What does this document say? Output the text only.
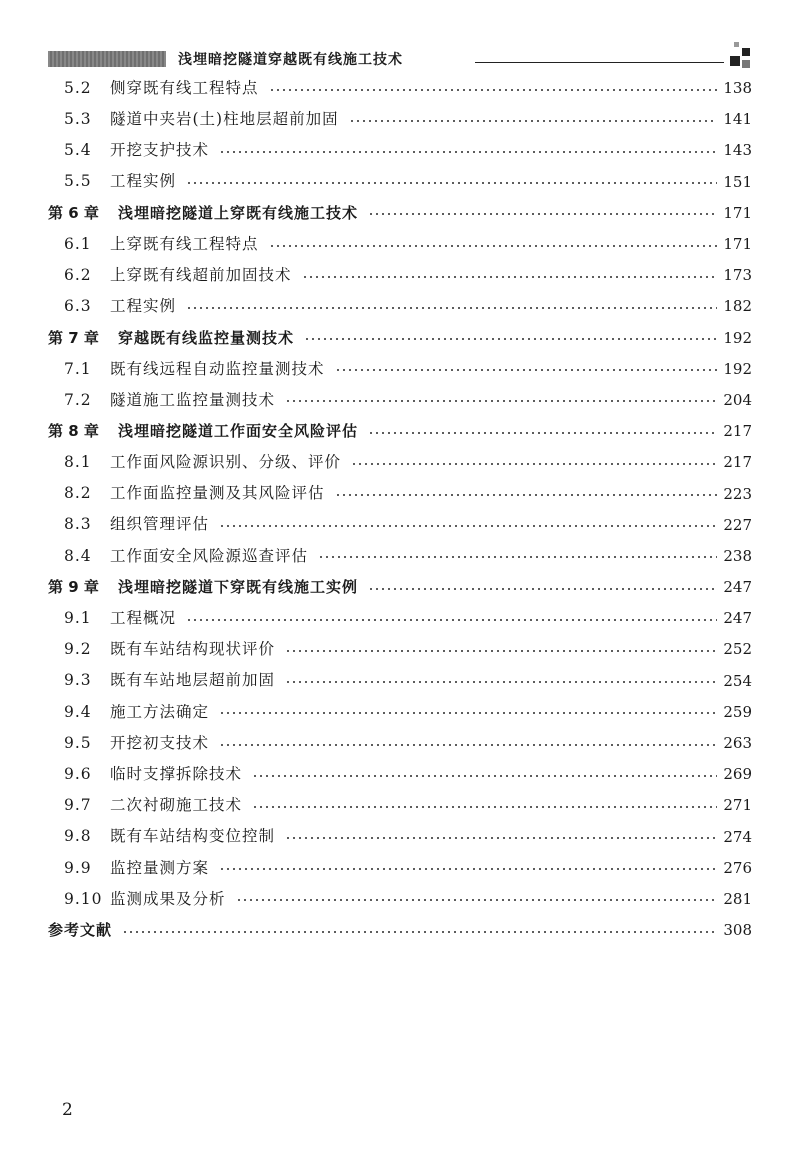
浅埋暗挖隧道穿越既有线施工技术
5.2	侧穿既有线工程特点	138
5.3	隧道中夹岩(土)柱地层超前加固	141
5.4	开挖支护技术	143
5.5	工程实例	151
第 6 章	浅埋暗挖隧道上穿既有线施工技术	171
6.1	上穿既有线工程特点	171
6.2	上穿既有线超前加固技术	173
6.3	工程实例	182
第 7 章	穿越既有线监控量测技术	192
7.1	既有线远程自动监控量测技术	192
7.2	隧道施工监控量测技术	204
第 8 章	浅埋暗挖隧道工作面安全风险评估	217
8.1	工作面风险源识别、分级、评价	217
8.2	工作面监控量测及其风险评估	223
8.3	组织管理评估	227
8.4	工作面安全风险源巡查评估	238
第 9 章	浅埋暗挖隧道下穿既有线施工实例	247
9.1	工程概况	247
9.2	既有车站结构现状评价	252
9.3	既有车站地层超前加固	254
9.4	施工方法确定	259
9.5	开挖初支技术	263
9.6	临时支撑拆除技术	269
9.7	二次衬砌施工技术	271
9.8	既有车站结构变位控制	274
9.9	监控量测方案	276
9.10 监测成果及分析	281
参考文献	308
2
